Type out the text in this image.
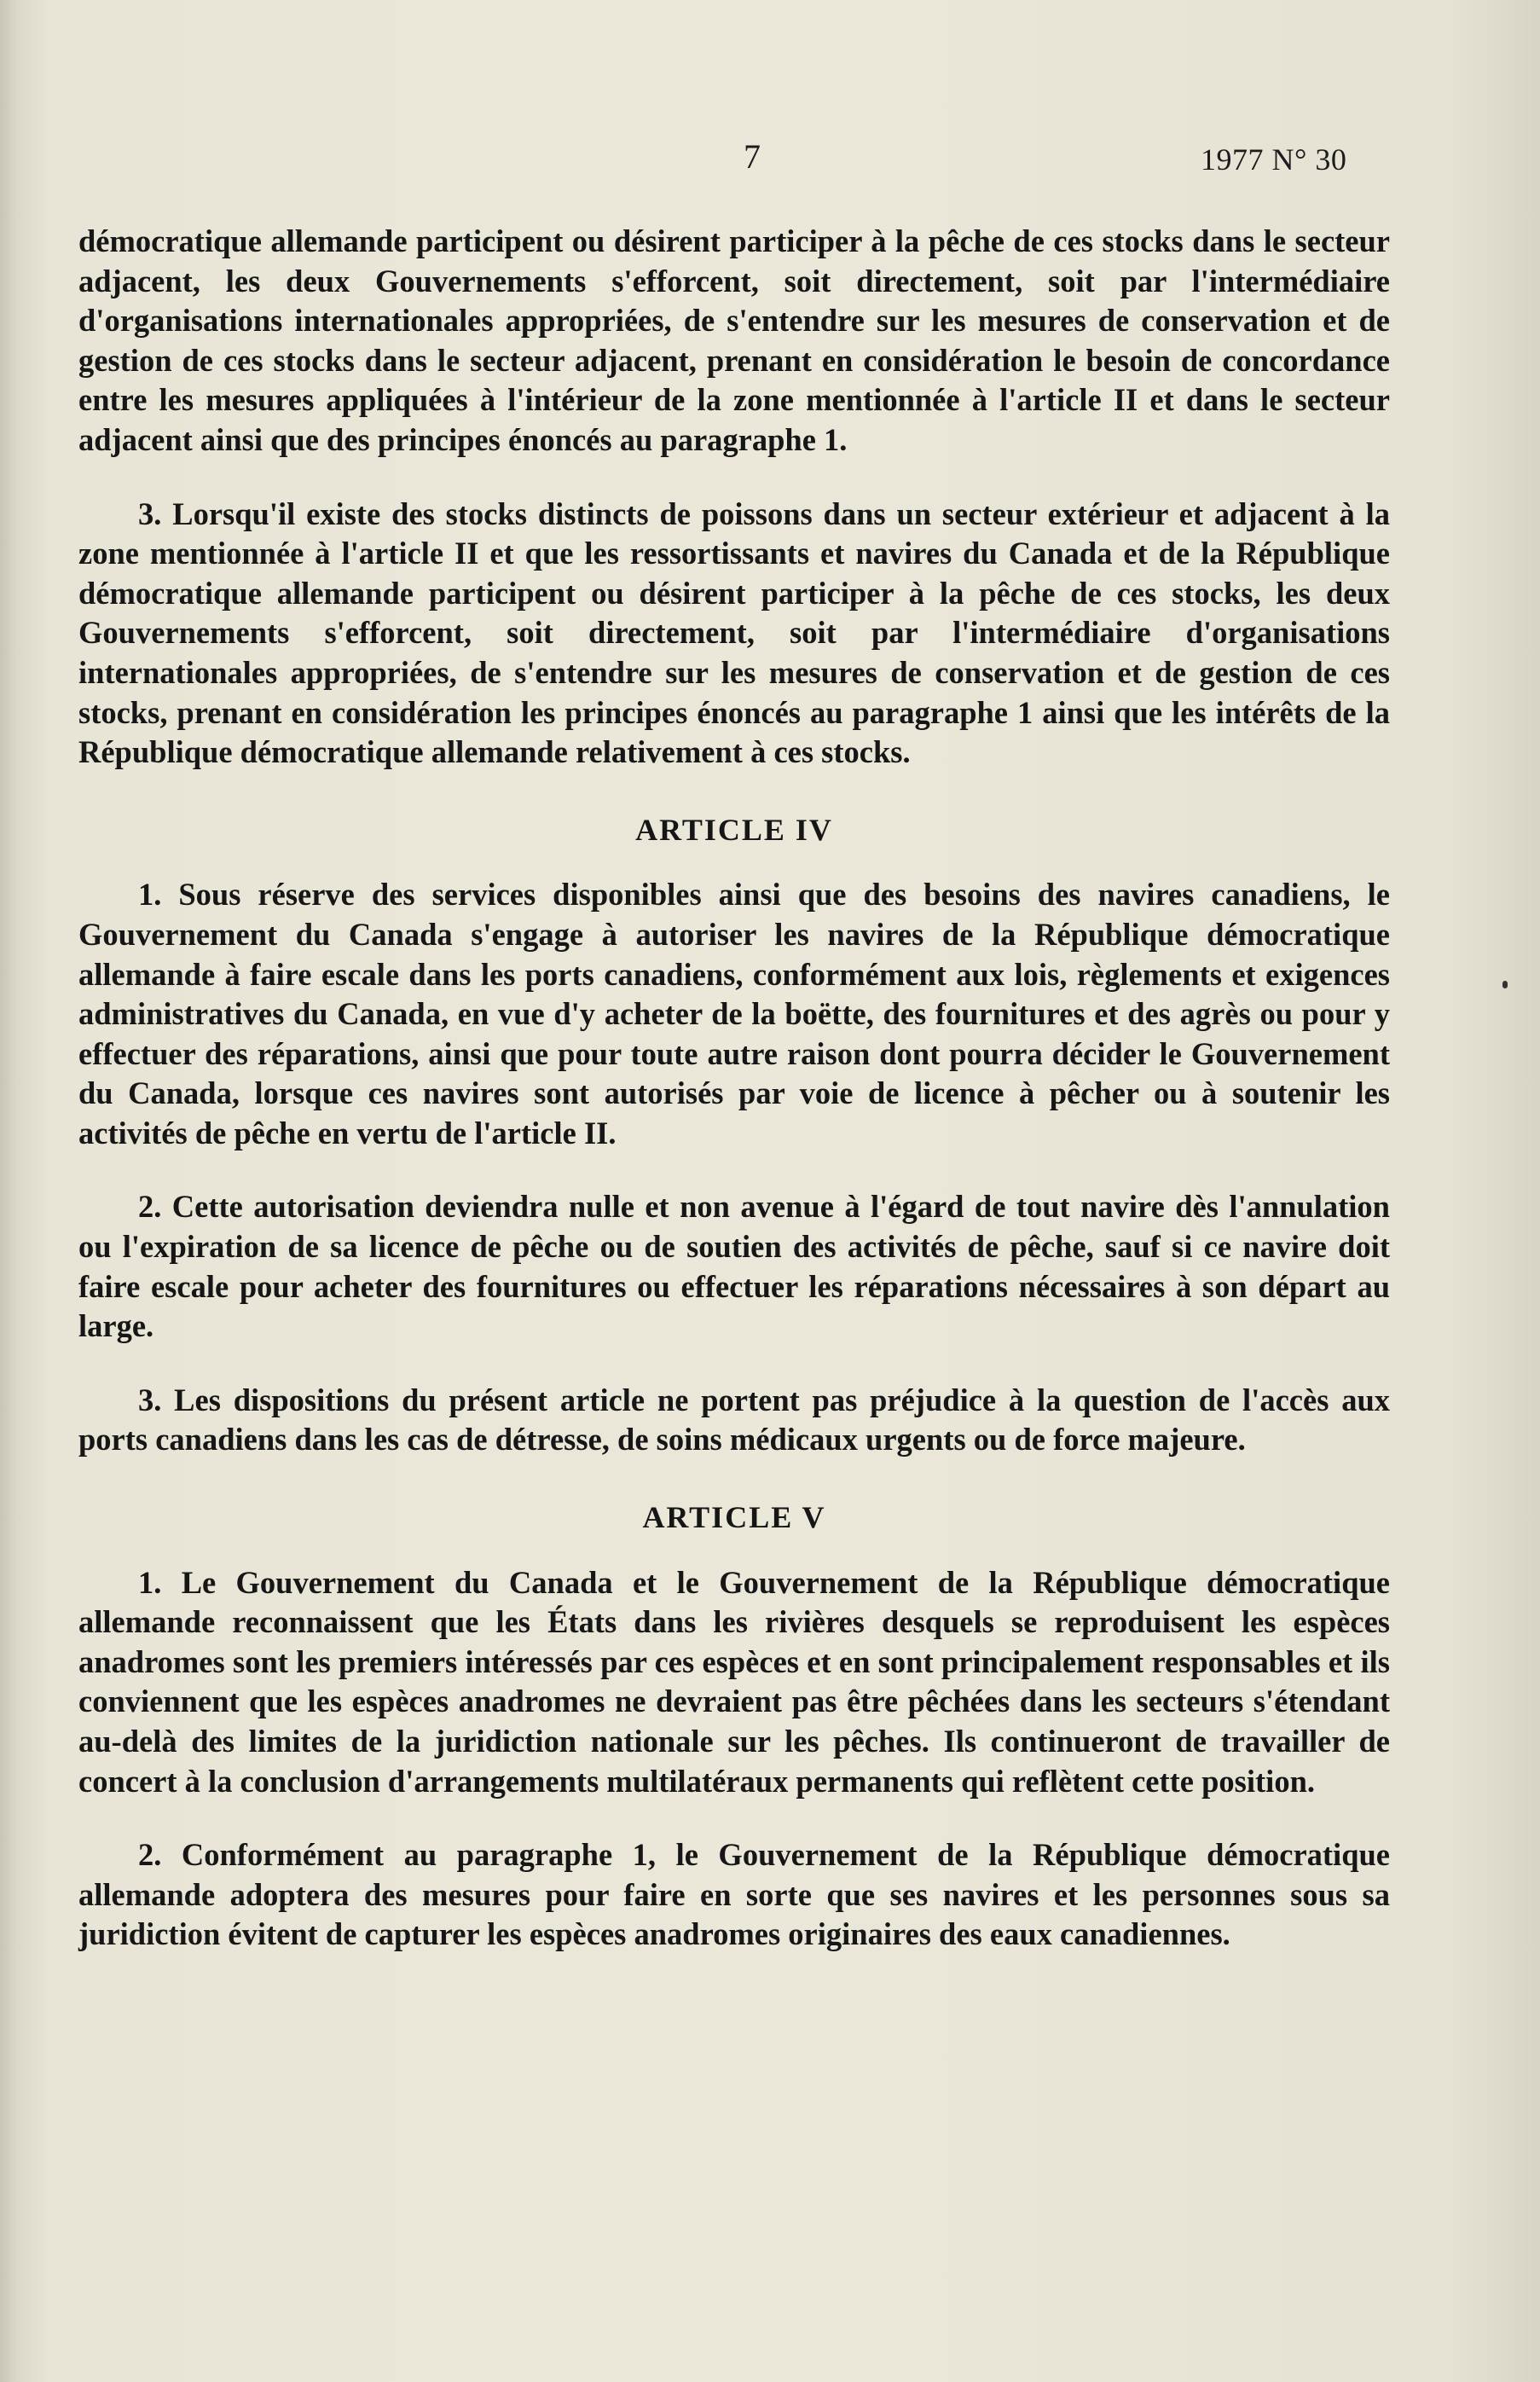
7	1977 N° 30

démocratique allemande participent ou désirent participer à la pêche de ces stocks dans le secteur adjacent, les deux Gouvernements s'efforcent, soit directement, soit par l'intermédiaire d'organisations internationales appropriées, de s'entendre sur les mesures de conservation et de gestion de ces stocks dans le secteur adjacent, prenant en considération le besoin de concordance entre les mesures appliquées à l'intérieur de la zone mentionnée à l'article II et dans le secteur adjacent ainsi que des principes énoncés au paragraphe 1.

3. Lorsqu'il existe des stocks distincts de poissons dans un secteur extérieur et adjacent à la zone mentionnée à l'article II et que les ressortissants et navires du Canada et de la République démocratique allemande participent ou désirent participer à la pêche de ces stocks, les deux Gouvernements s'efforcent, soit directement, soit par l'intermédiaire d'organisations internationales appropriées, de s'entendre sur les mesures de conservation et de gestion de ces stocks, prenant en considération les principes énoncés au paragraphe 1 ainsi que les intérêts de la République démocratique allemande relativement à ces stocks.

ARTICLE IV

1. Sous réserve des services disponibles ainsi que des besoins des navires canadiens, le Gouvernement du Canada s'engage à autoriser les navires de la République démocratique allemande à faire escale dans les ports canadiens, conformément aux lois, règlements et exigences administratives du Canada, en vue d'y acheter de la boëtte, des fournitures et des agrès ou pour y effectuer des réparations, ainsi que pour toute autre raison dont pourra décider le Gouvernement du Canada, lorsque ces navires sont autorisés par voie de licence à pêcher ou à soutenir les activités de pêche en vertu de l'article II.

2. Cette autorisation deviendra nulle et non avenue à l'égard de tout navire dès l'annulation ou l'expiration de sa licence de pêche ou de soutien des activités de pêche, sauf si ce navire doit faire escale pour acheter des fournitures ou effectuer les réparations nécessaires à son départ au large.

3. Les dispositions du présent article ne portent pas préjudice à la question de l'accès aux ports canadiens dans les cas de détresse, de soins médicaux urgents ou de force majeure.

ARTICLE V

1. Le Gouvernement du Canada et le Gouvernement de la République démocratique allemande reconnaissent que les États dans les rivières desquels se reproduisent les espèces anadromes sont les premiers intéressés par ces espèces et en sont principalement responsables et ils conviennent que les espèces anadromes ne devraient pas être pêchées dans les secteurs s'étendant au-delà des limites de la juridiction nationale sur les pêches. Ils continueront de travailler de concert à la conclusion d'arrangements multilatéraux permanents qui reflètent cette position.

2. Conformément au paragraphe 1, le Gouvernement de la République démocratique allemande adoptera des mesures pour faire en sorte que ses navires et les personnes sous sa juridiction évitent de capturer les espèces anadromes originaires des eaux canadiennes.
